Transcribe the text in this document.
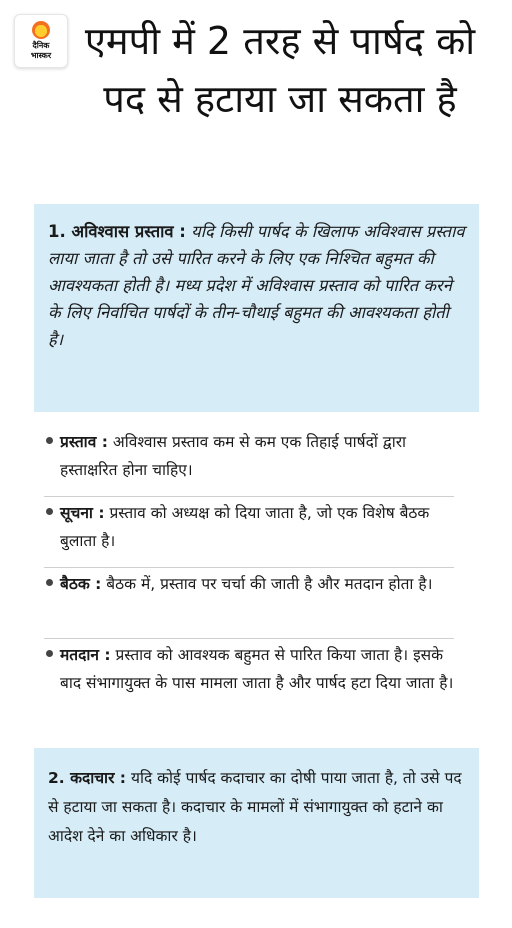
दैनिक
भास्कर एमपी में 2 तरह से पार्षद को पद से हटाया जा सकता है

1. अविश्वास प्रस्ताव : यदि किसी पार्षद के खिलाफ अविश्वास प्रस्ताव लाया जाता है तो उसे पारित करने के लिए एक निश्चित बहुमत की आवश्यकता होती है। मध्य प्रदेश में अविश्वास प्रस्ताव को पारित करने के लिए निर्वाचित पार्षदों के तीन-चौथाई बहुमत की आवश्यकता होती है।

प्रस्ताव : अविश्वास प्रस्ताव कम से कम एक तिहाई पार्षदों द्वारा हस्ताक्षरित होना चाहिए।
सूचना : प्रस्ताव को अध्यक्ष को दिया जाता है, जो एक विशेष बैठक बुलाता है।
बैठक : बैठक में, प्रस्ताव पर चर्चा की जाती है और मतदान होता है।
मतदान : प्रस्ताव को आवश्यक बहुमत से पारित किया जाता है। इसके बाद संभागायुक्त के पास मामला जाता है और पार्षद हटा दिया जाता है।

2. कदाचार : यदि कोई पार्षद कदाचार का दोषी पाया जाता है, तो उसे पद से हटाया जा सकता है। कदाचार के मामलों में संभागायुक्त को हटाने का आदेश देने का अधिकार है।
